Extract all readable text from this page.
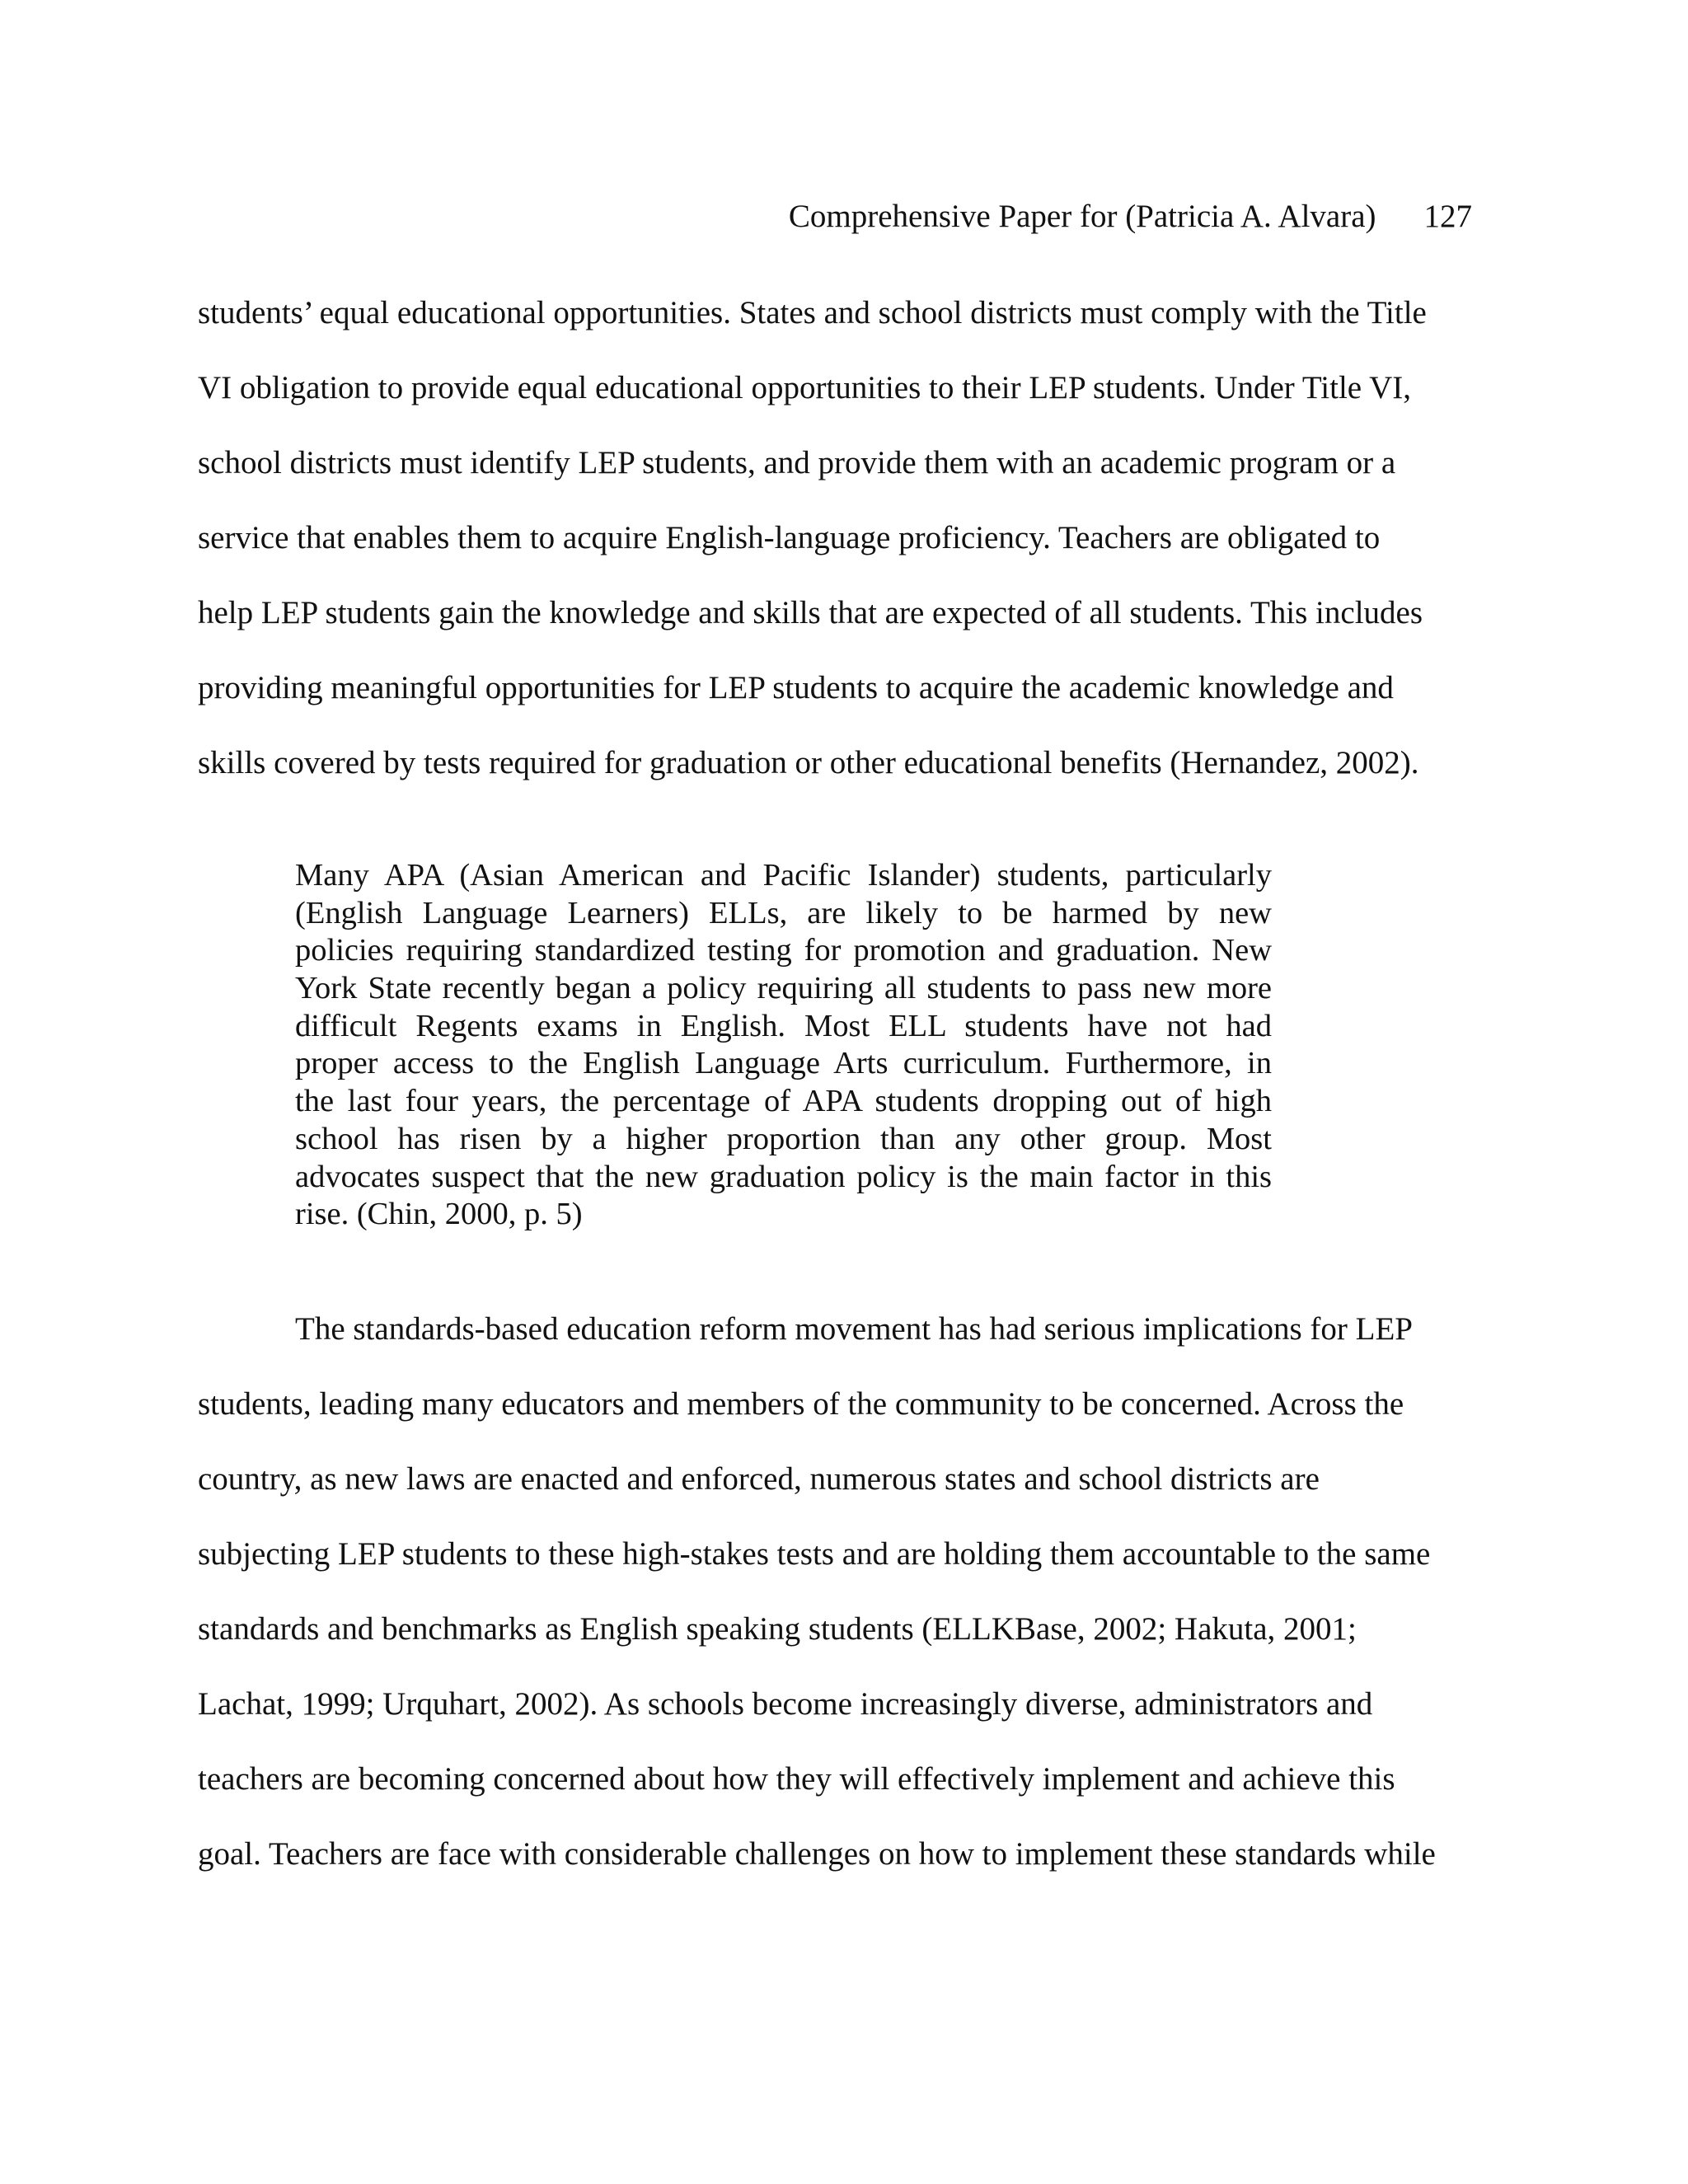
Comprehensive Paper for (Patricia A. Alvara) 127
students’ equal educational opportunities. States and school districts must comply with the Title
VI obligation to provide equal educational opportunities to their LEP students. Under Title VI,
school districts must identify LEP students, and provide them with an academic program or a
service that enables them to acquire English-language proficiency. Teachers are obligated to
help LEP students gain the knowledge and skills that are expected of all students. This includes
providing meaningful opportunities for LEP students to acquire the academic knowledge and
skills covered by tests required for graduation or other educational benefits (Hernandez, 2002).
Many APA (Asian American and Pacific Islander) students, particularly
(English Language Learners) ELLs, are likely to be harmed by new
policies requiring standardized testing for promotion and graduation. New
York State recently began a policy requiring all students to pass new more
difficult Regents exams in English. Most ELL students have not had
proper access to the English Language Arts curriculum. Furthermore, in
the last four years, the percentage of APA students dropping out of high
school has risen by a higher proportion than any other group. Most
advocates suspect that the new graduation policy is the main factor in this
rise. (Chin, 2000, p. 5)
The standards-based education reform movement has had serious implications for LEP
students, leading many educators and members of the community to be concerned. Across the
country, as new laws are enacted and enforced, numerous states and school districts are
subjecting LEP students to these high-stakes tests and are holding them accountable to the same
standards and benchmarks as English speaking students (ELLKBase, 2002; Hakuta, 2001;
Lachat, 1999; Urquhart, 2002). As schools become increasingly diverse, administrators and
teachers are becoming concerned about how they will effectively implement and achieve this
goal. Teachers are face with considerable challenges on how to implement these standards while
